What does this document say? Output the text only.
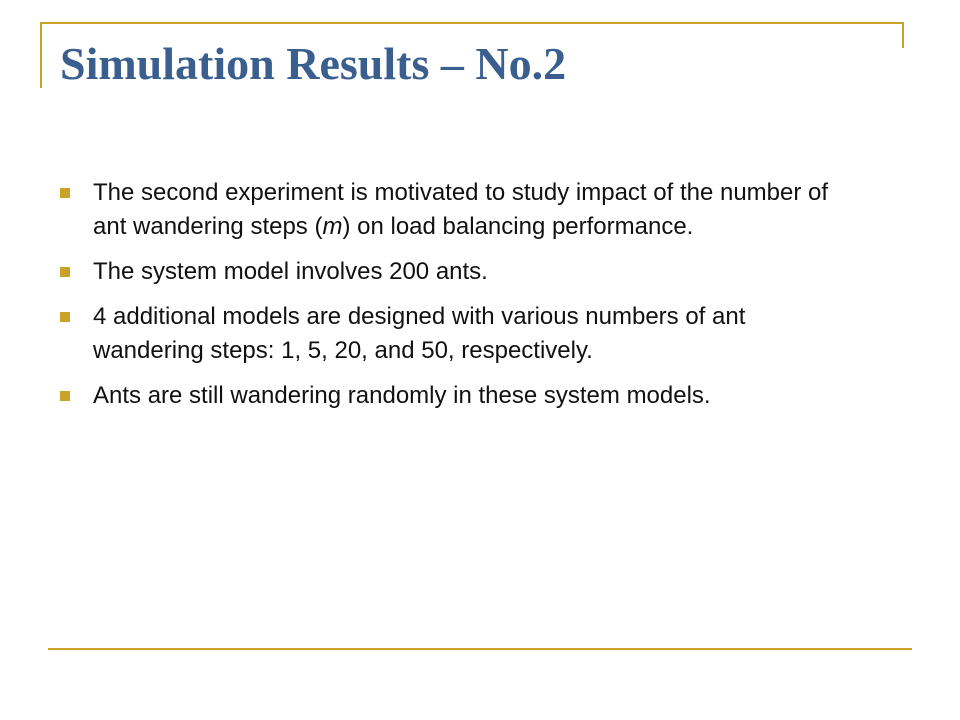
Simulation Results – No.2
The second experiment is motivated to study impact of the number of ant wandering steps (m) on load balancing performance.
The system model involves 200 ants.
4 additional models are designed with various numbers of ant wandering steps: 1, 5, 20, and 50, respectively.
Ants are still wandering randomly in these system models.
